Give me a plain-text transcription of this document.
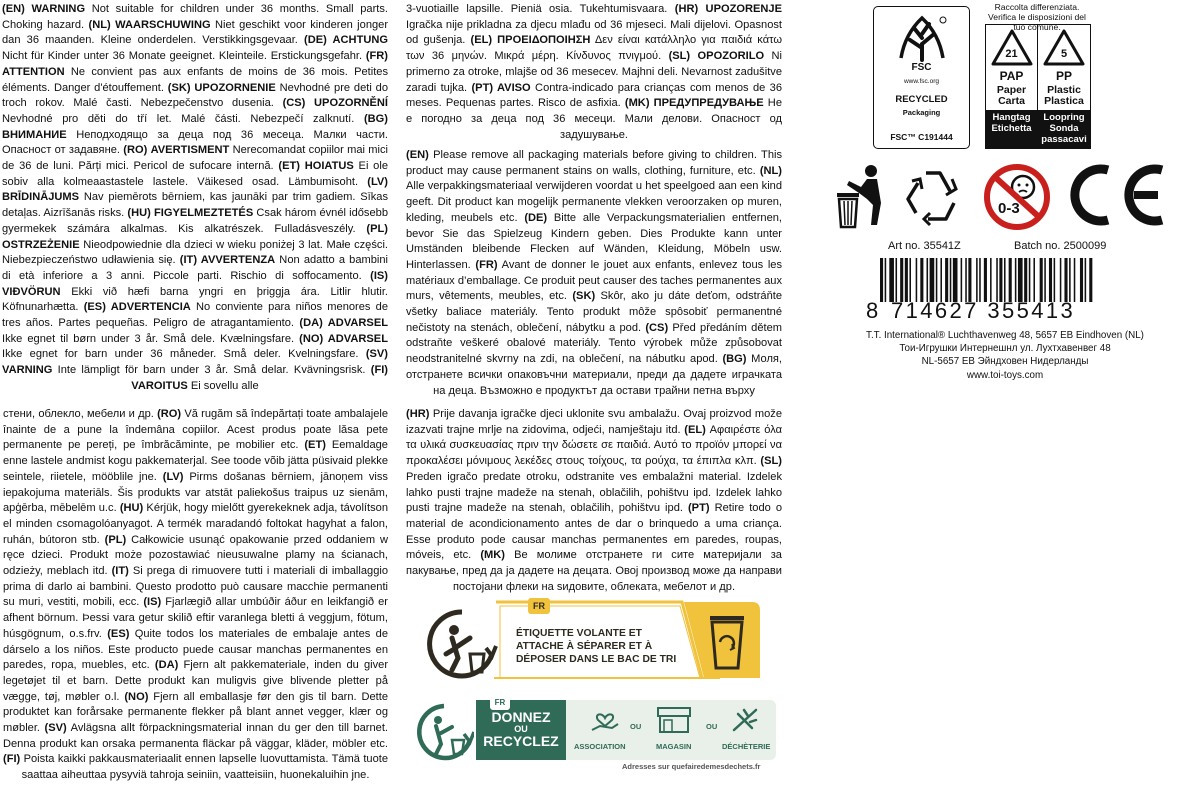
(EN) WARNING Not suitable for children under 36 months. Small parts. Choking hazard. (NL) WAARSCHUWING Niet geschikt voor kinderen jonger dan 36 maanden. Kleine onderdelen. Verstikkingsgevaar. (DE) ACHTUNG Nicht für Kinder unter 36 Monate geeignet. Kleinteile. Erstickungsgefahr. (FR) ATTENTION Ne convient pas aux enfants de moins de 36 mois. Petites éléments. Danger d'étouffement. (SK) UPOZORNENIE Nevhodné pre deti do troch rokov. Malé časti. Nebezpečenstvo dusenia. (CS) UPOZORNĚNÍ Nevhodné pro děti do tří let. Malé části. Nebezpečí zalknutí. (BG) ВНИМАНИЕ Неподходящо за деца под 36 месеца. Малки части. Опасност от задавяне. (RO) AVERTISMENT Nerecomandat copiilor mai mici de 36 de luni. Părți mici. Pericol de sufocare internă. (ET) HOIATUS Ei ole sobiv alla kolmeaastastele lastele. Väikesed osad. Lämbumisoht. (LV) BRĪDINĀJUMS Nav piemērots bērniem, kas jaunāki par trim gadiem. Sīkas detaļas. Aizrīšanās risks. (HU) FIGYELMEZTETÉS Csak három évnél idősebb gyermekek számára alkalmas. Kis alkatrészek. Fulladásveszély. (PL) OSTRZEŻENIE Nieodpowiednie dla dzieci w wieku poniżej 3 lat. Małe części. Niebezpieczeństwo udławienia się. (IT) AVVERTENZA Non adatto a bambini di età inferiore a 3 anni. Piccole parti. Rischio di soffocamento. (IS) VIÐVÖRUN Ekki við hæfi barna yngri en þriggja ára. Litlir hlutir. Köfnunarhætta. (ES) ADVERTENCIA No conviente para niños menores de tres años. Partes pequeñas. Peligro de atragantamiento. (DA) ADVARSEL Ikke egnet til børn under 3 år. Små dele. Kvælningsfare. (NO) ADVARSEL Ikke egnet for barn under 36 måneder. Små deler. Kvelningsfare. (SV) VARNING Inte lämpligt för barn under 3 år. Små delar. Kvävningsrisk. (FI) VAROITUS Ei sovellu alle
3-vuotiaille lapsille. Pieniä osia. Tukehtumisvaara. (HR) UPOZORENJE Igračka nije prikladna za djecu mlađu od 36 mjeseci. Mali dijelovi. Opasnost od gušenja. (EL) ΠΡΟΕΙΔΟΠΟΙΗΣΗ Δεν είναι κατάλληλο για παιδιά κάτω των 36 μηνών. Μικρά μέρη. Κίνδυνος πνιγμού. (SL) OPOZORILO Ni primerno za otroke, mlajše od 36 mesecev. Majhni deli. Nevarnost zadušitve zaradi tujka. (PT) AVISO Contra-indicado para crianças com menos de 36 meses. Pequenas partes. Risco de asfixia. (MK) ПРЕДУПРЕДУВАЊЕ Не е погодно за деца под 36 месеци. Мали делови. Опасност од задушување.
(EN) Please remove all packaging materials before giving to children. This product may cause permanent stains on walls, clothing, furniture, etc. (NL) Alle verpakkingsmateriaal verwijderen voordat u het speelgoed aan een kind geeft. Dit product kan mogelijk permanente vlekken veroorzaken op muren, kleding, meubels etc. (DE) Bitte alle Verpackungsmaterialien entfernen, bevor Sie das Spielzeug Kindern geben. Dies Produkte kann unter Umständen bleibende Flecken auf Wänden, Kleidung, Möbeln usw. Hinterlassen. (FR) Avant de donner le jouet aux enfants, enlevez tous les matériaux d’emballage. Ce produit peut causer des taches permanentes aux murs, vêtements, meubles, etc. (SK) Skôr, ako ju dáte deťom, odstráňte všetky baliace materiály. Tento produkt môže spôsobiť permanentné nečistoty na stenách, oblečení, nábytku a pod. (CS) Před předáním dětem odstraňte veškeré obalové materiály. Tento výrobek může způsobovat neodstranitelné skvrny na zdi, na oblečení, na nábutku apod. (BG) Моля, отстранете всички опаковъчни материали, преди да дадете играчката на деца. Възможно е продуктът да остави трайни петна върху
стени, облекло, мебели и др. (RO) Vă rugăm să îndepărtați toate ambalajele înainte de a pune la îndemâna copiilor. Acest produs poate lăsa pete permanente pe pereți, pe îmbrăcăminte, pe mobilier etc. (ET) Eemaldage enne lastele andmist kogu pakkematerjal. See toode võib jätta püsivaid plekke seintele, riietele, mööblile jne. (LV) Pirms došanas bērniem, jānoņem viss iepakojuma materiāls. Šis produkts var atstāt paliekošus traipus uz sienām, apģērba, mēbelēm u.c. (HU) Kérjük, hogy mielőtt gyerekeknek adja, távolítson el minden csomagolóanyagot. A termék maradandó foltokat hagyhat a falon, ruhán, bútoron stb. (PL) Całkowicie usunąć opakowanie przed oddaniem w ręce dzieci. Produkt może pozostawiać nieusuwalne plamy na ścianach, odzieży, meblach itd. (IT) Si prega di rimuovere tutti i materiali di imballaggio prima di darlo ai bambini. Questo prodotto può causare macchie permanenti su muri, vestiti, mobili, ecc. (IS) Fjarlægið allar umbúðir áður en leikfangið er afhent börnum. Þessi vara getur skilið eftir varanlega bletti á veggjum, fötum, húsgögnum, o.s.frv. (ES) Quite todos los materiales de embalaje antes de dárselo a los niños. Este producto puede causar manchas permanentes en paredes, ropa, muebles, etc. (DA) Fjern alt pakkemateriale, inden du giver legetøjet til et barn. Dette produkt kan muligvis give blivende pletter på vægge, tøj, møbler o.l. (NO) Fjern all emballasje før den gis til barn. Dette produktet kan forårsake permanente flekker på blant annet vegger, klær og møbler. (SV) Avlägsna allt förpackningsmaterial innan du ger den till barnet. Denna produkt kan orsaka permanenta fläckar på väggar, kläder, möbler etc. (FI) Poista kaikki pakkausmateriaalit ennen lapselle luovuttamista. Tämä tuote saattaa aiheuttaa pysyviä tahroja seiniin, vaatteisiin, huonekaluihin jne.
(HR) Prije davanja igračke djeci uklonite svu ambalažu. Ovaj proizvod može izazvati trajne mrlje na zidovima, odjeći, namještaju itd. (EL) Αφαιρέστε όλα τα υλικά συσκευασίας πριν την δώσετε σε παιδιά. Αυτό το προϊόν μπορεί να προκαλέσει μόνιμους λεκέδες στους τοίχους, τα ρούχα, τα έπιπλα κλπ. (SL) Preden igračo predate otroku, odstranite ves embalažni material. Izdelek lahko pusti trajne madeže na stenah, oblačilih, pohištvu ipd. Izdelek lahko pusti trajne madeže na stenah, oblačilih, pohištvu ipd. (PT) Retire todo o material de acondicionamento antes de dar o brinquedo a uma criança. Esse produto pode causar manchas permanentes em paredes, roupas, móveis, etc. (MK) Ве молиме отстранете ги сите материјали за пакување, пред да ја дадете на децата. Овој производ може да направи постојани флеки на ѕидовите, облеката, мебелот и др.
FSC
www.fsc.org
RECYCLED
Packaging
FSC™ C191444
Raccolta differenziata. Verifica le disposizioni del tuo comune.
21
PAP
Paper
Carta
Hangtag Etichetta
5
PP
Plastic
Plastica
Loopring Sonda passacavi
0-3
Art no. 35541Z	Batch no. 2500099
8 714627 355413
T.T. International® Luchthavenweg 48, 5657 EB Eindhoven (NL)
Тои-Игрушки Интернешнл ул. Лухтхавенвег 48
NL-5657 EB Эйндховен Нидерланды
www.toi-toys.com
FR
ÉTIQUETTE VOLANTE ET
ATTACHE À SÉPARER ET À
DÉPOSER DANS LE BAC DE TRI
FR
DONNEZ
OU
RECYCLEZ	ASSOCIATION
OU
MAGASIN
OU
DÉCHÈTERIE
Adresses sur quefairedemesdechets.fr
